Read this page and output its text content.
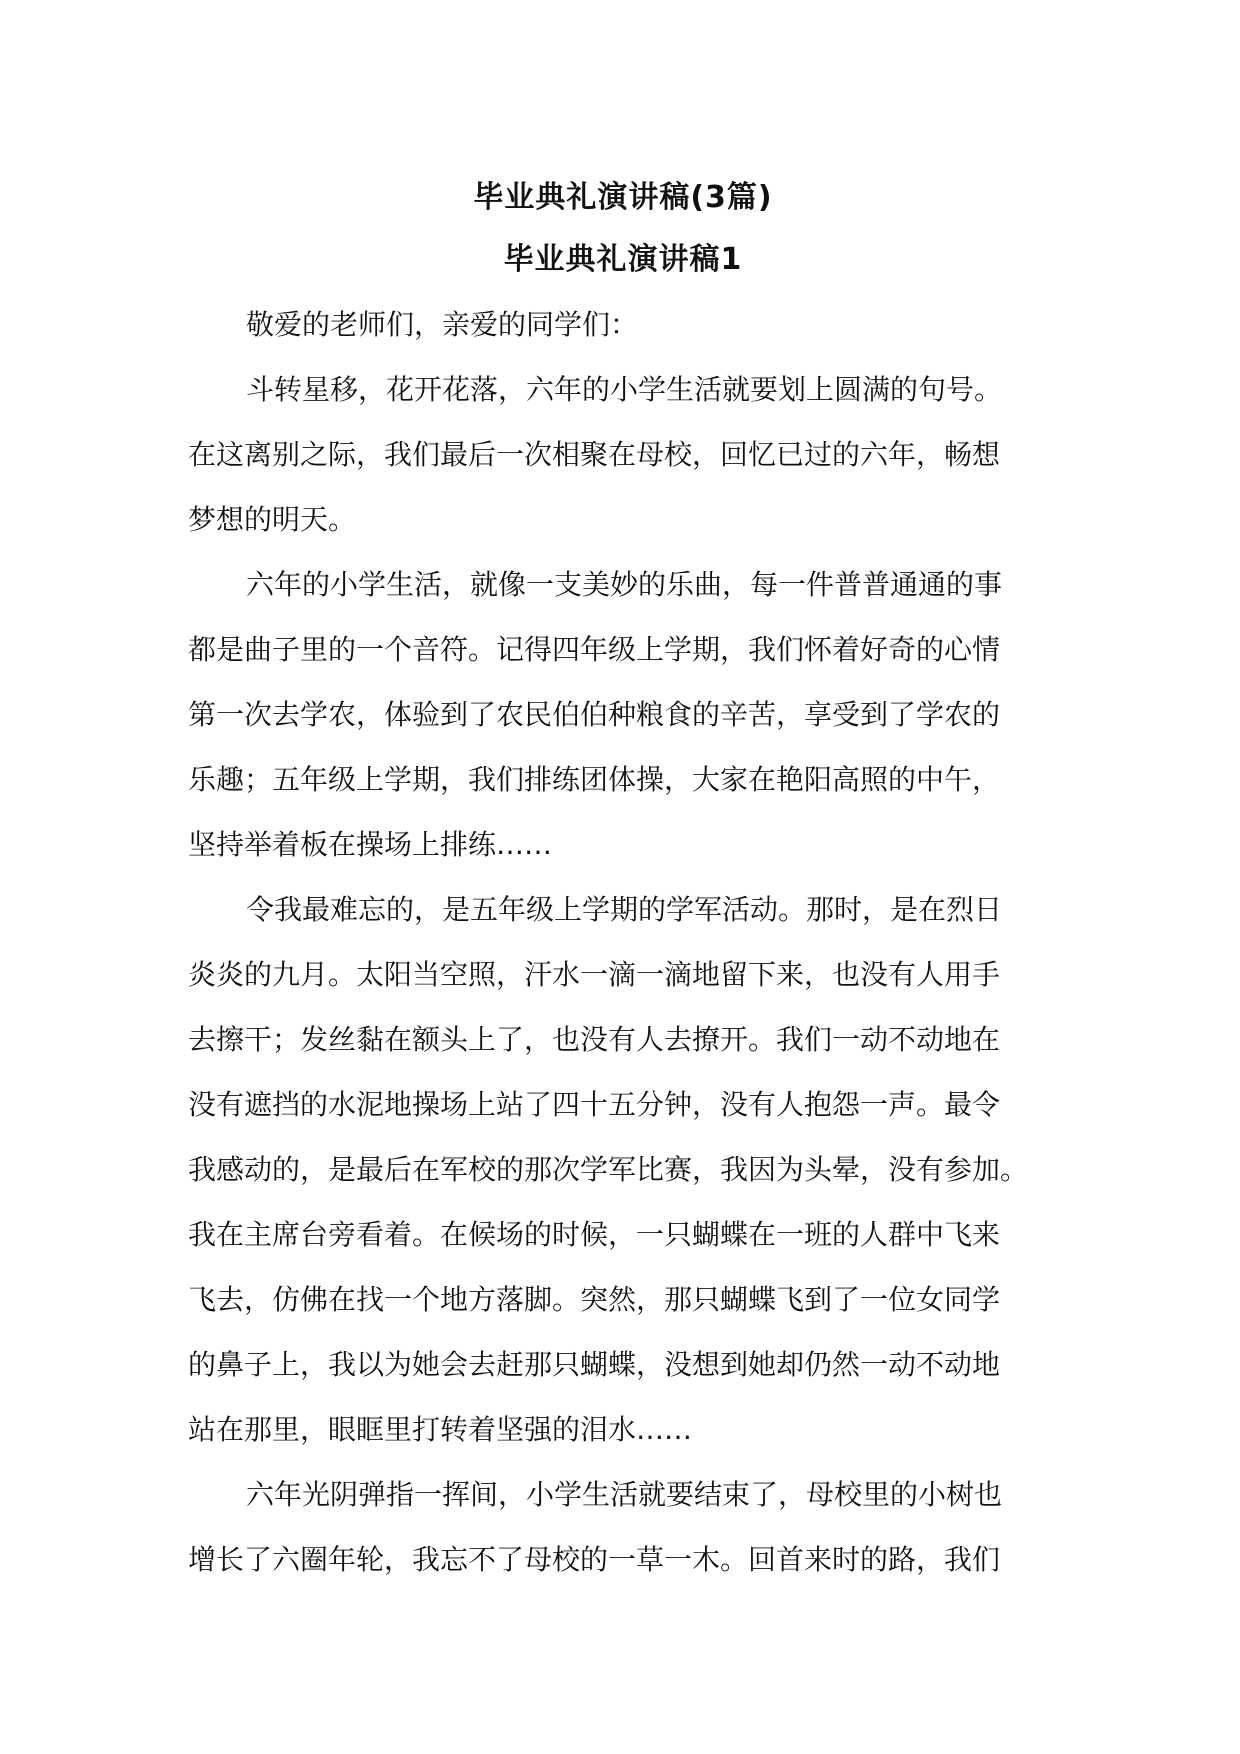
毕业典礼演讲稿(3篇)
毕业典礼演讲稿1

敬爱的老师们，亲爱的同学们：

斗转星移，花开花落，六年的小学生活就要划上圆满的句号。
在这离别之际，我们最后一次相聚在母校，回忆已过的六年，畅想
梦想的明天。

六年的小学生活，就像一支美妙的乐曲，每一件普普通通的事
都是曲子里的一个音符。记得四年级上学期，我们怀着好奇的心情
第一次去学农，体验到了农民伯伯种粮食的辛苦，享受到了学农的
乐趣；五年级上学期，我们排练团体操，大家在艳阳高照的中午，
坚持举着板在操场上排练……

令我最难忘的，是五年级上学期的学军活动。那时，是在烈日
炎炎的九月。太阳当空照，汗水一滴一滴地留下来，也没有人用手
去擦干；发丝黏在额头上了，也没有人去撩开。我们一动不动地在
没有遮挡的水泥地操场上站了四十五分钟，没有人抱怨一声。最令
我感动的，是最后在军校的那次学军比赛，我因为头晕，没有参加。
我在主席台旁看着。在候场的时候，一只蝴蝶在一班的人群中飞来
飞去，仿佛在找一个地方落脚。突然，那只蝴蝶飞到了一位女同学
的鼻子上，我以为她会去赶那只蝴蝶，没想到她却仍然一动不动地
站在那里，眼眶里打转着坚强的泪水……

六年光阴弹指一挥间，小学生活就要结束了，母校里的小树也
增长了六圈年轮，我忘不了母校的一草一木。回首来时的路，我们
